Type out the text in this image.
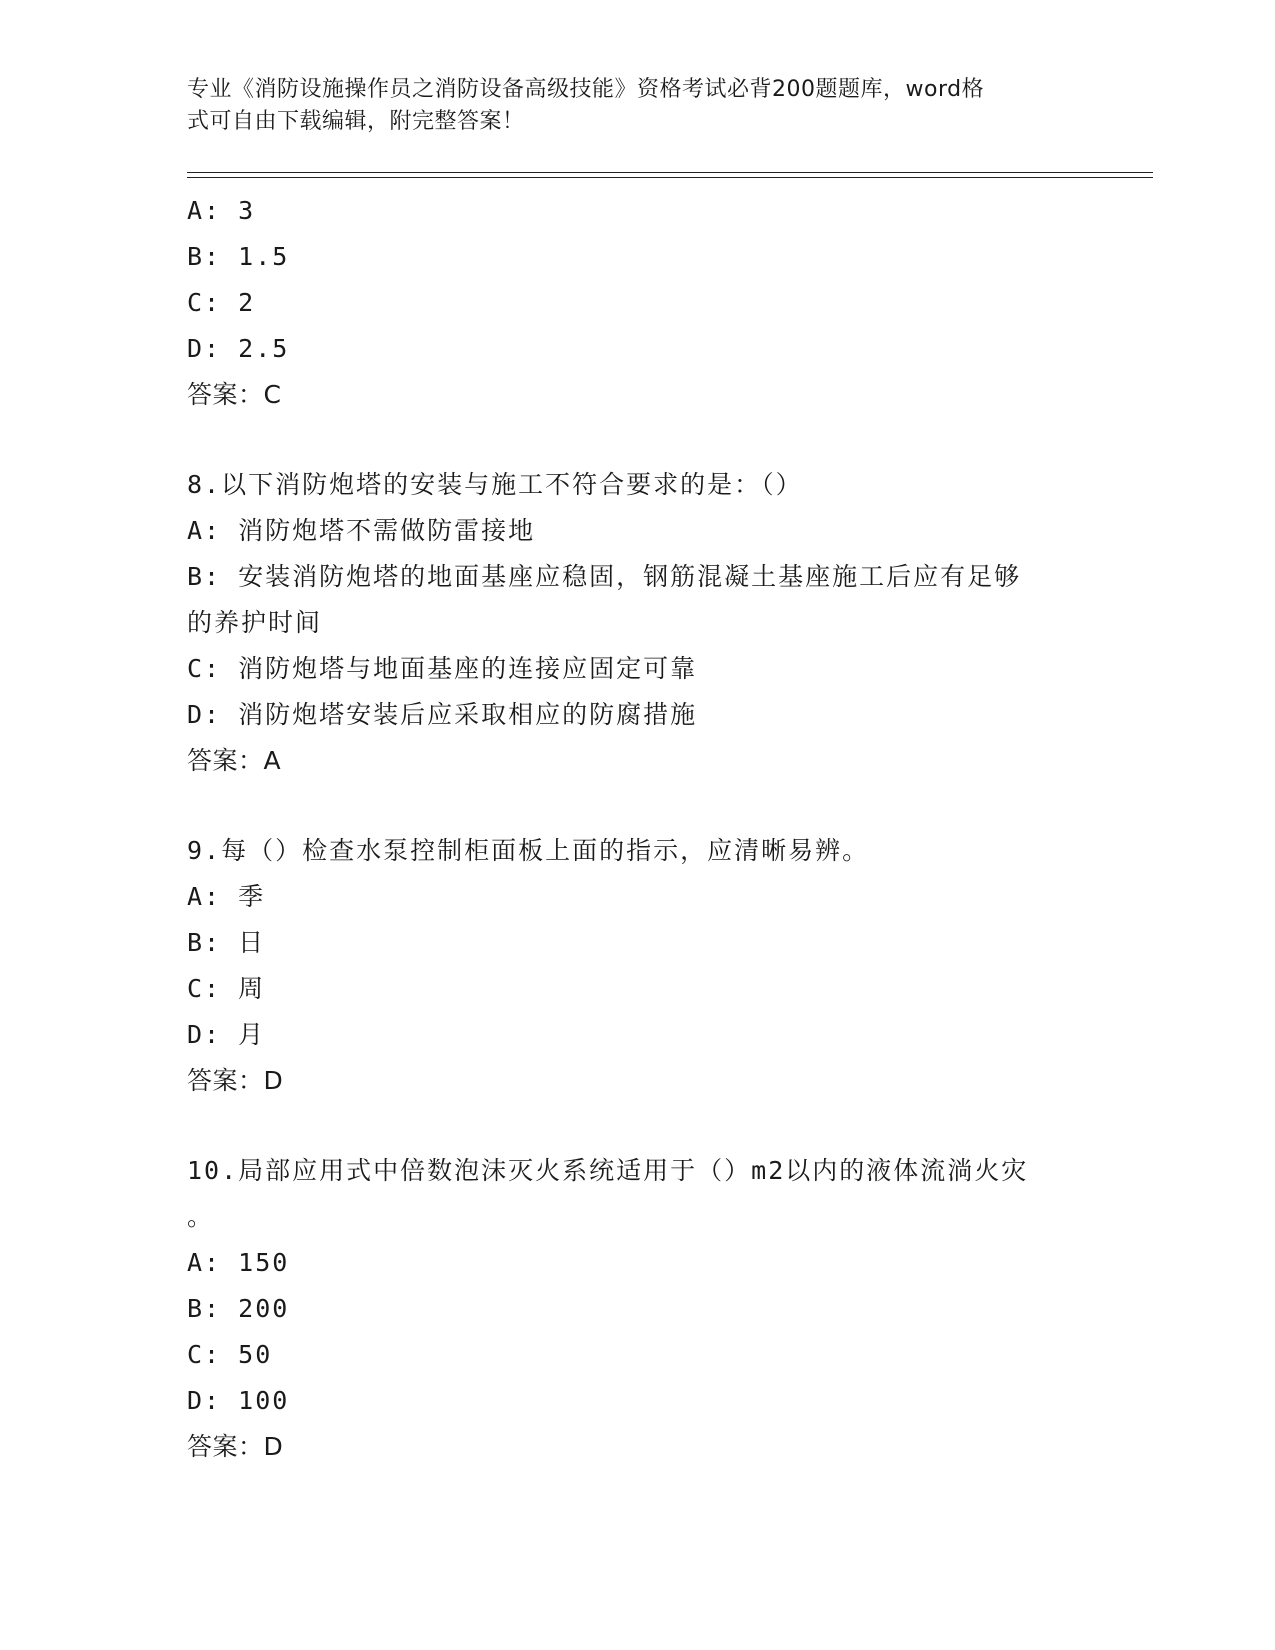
专业《消防设施操作员之消防设备高级技能》资格考试必背200题题库，word格
式可自由下载编辑，附完整答案！
A: 3
B: 1.5
C: 2
D: 2.5
答案：C
8.以下消防炮塔的安装与施工不符合要求的是：（）
A: 消防炮塔不需做防雷接地
B: 安装消防炮塔的地面基座应稳固，钢筋混凝土基座施工后应有足够
的养护时间
C: 消防炮塔与地面基座的连接应固定可靠
D: 消防炮塔安装后应采取相应的防腐措施
答案：A
9.每（）检查水泵控制柜面板上面的指示，应清晰易辨。
A: 季
B: 日
C: 周
D: 月
答案：D
10.局部应用式中倍数泡沫灭火系统适用于（）m2以内的液体流淌火灾
。
A: 150
B: 200
C: 50
D: 100
答案：D
